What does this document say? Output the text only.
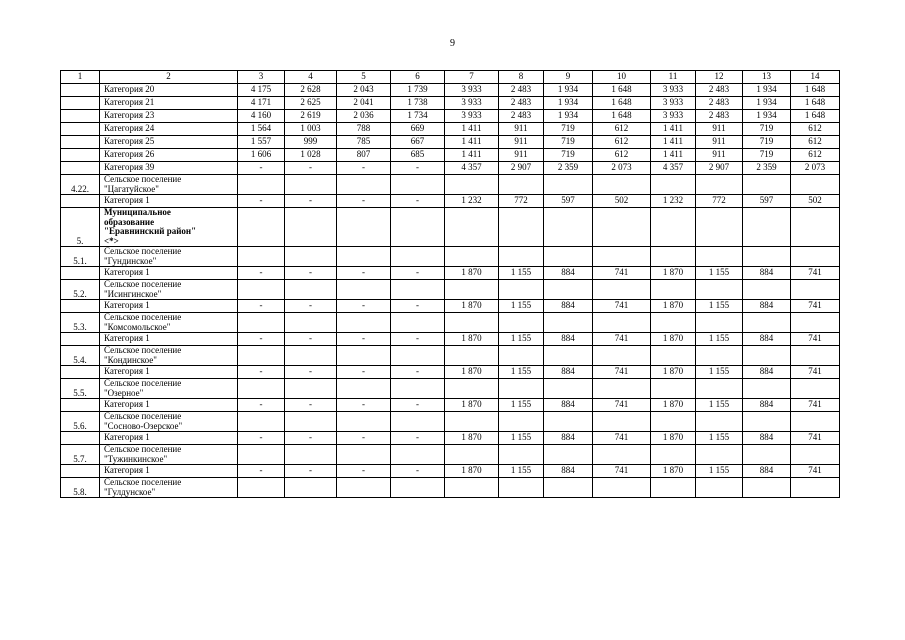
9
1	2	3	4	5	6	7	8	9	10	11	12	13	14
	Категория 20	4 175	2 628	2 043	1 739	3 933	2 483	1 934	1 648	3 933	2 483	1 934	1 648
	Категория 21	4 171	2 625	2 041	1 738	3 933	2 483	1 934	1 648	3 933	2 483	1 934	1 648
	Категория 23	4 160	2 619	2 036	1 734	3 933	2 483	1 934	1 648	3 933	2 483	1 934	1 648
	Категория 24	1 564	1 003	788	669	1 411	911	719	612	1 411	911	719	612
	Категория 25	1 557	999	785	667	1 411	911	719	612	1 411	911	719	612
	Категория 26	1 606	1 028	807	685	1 411	911	719	612	1 411	911	719	612
	Категория 39	-	-	-	-	4 357	2 907	2 359	2 073	4 357	2 907	2 359	2 073
4.22.	Сельское поселение
"Цагатуйское"												

	Категория 1	-	-	-	-	1 232	772	597	502	1 232	772	597	502
5.	Муниципальное
образование
"Еравнинский район"
<*>												

5.1.	Сельское поселение
"Гундинское"												

	Категория 1	-	-	-	-	1 870	1 155	884	741	1 870	1 155	884	741
5.2.	Сельское поселение
"Исингинское"												

	Категория 1	-	-	-	-	1 870	1 155	884	741	1 870	1 155	884	741
5.3.	Сельское поселение
"Комсомольское"												

	Категория 1	-	-	-	-	1 870	1 155	884	741	1 870	1 155	884	741
5.4.	Сельское поселение
"Кондинское"												

	Категория 1	-	-	-	-	1 870	1 155	884	741	1 870	1 155	884	741
5.5.	Сельское поселение
"Озерное"												

	Категория 1	-	-	-	-	1 870	1 155	884	741	1 870	1 155	884	741
5.6.	Сельское поселение
"Сосново-Озерское"												

	Категория 1	-	-	-	-	1 870	1 155	884	741	1 870	1 155	884	741
5.7.	Сельское поселение
"Тужинкинское"												

	Категория 1	-	-	-	-	1 870	1 155	884	741	1 870	1 155	884	741
5.8.	Сельское поселение
"Гулдунское"												
